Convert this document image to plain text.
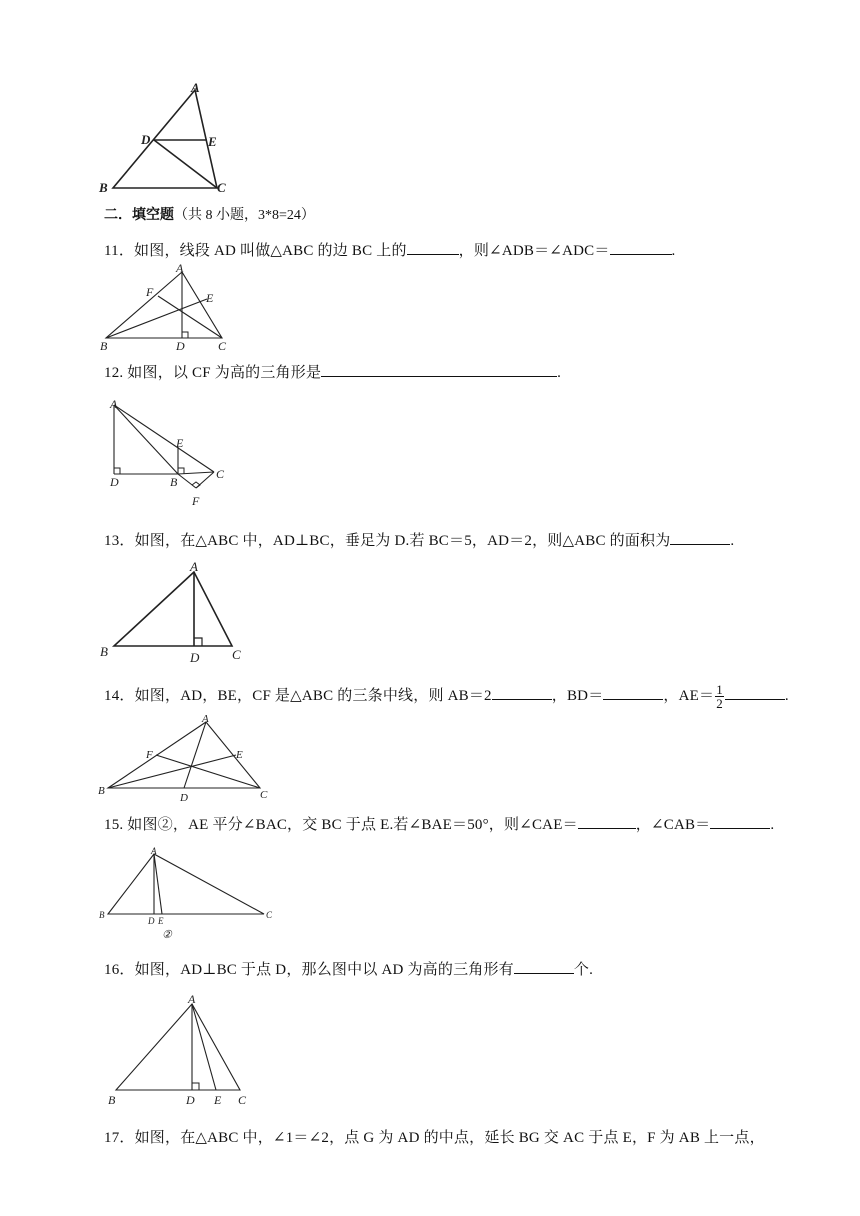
A
D	E
B	C
二．填空题（共 8 小题，3*8=24）
11．如图，线段 AD 叫做△ABC 的边 BC 上的	，则∠ADB＝∠ADC＝	.
A
F	E
B	D	C
12. 如图，以 CF 为高的三角形是	.
A
E
D	B
C
F
13．如图，在△ABC 中，AD⊥BC，垂足为 D.若 BC＝5，AD＝2，则△ABC 的面积为	.
A
B	D	C
14．如图，AD，BE，CF 是△ABC 的三条中线，则 AB＝2	，BD＝	，$AE= \frac{1}{2}$	.
A
F	E
B
D	C
15. 如图②，AE 平分∠BAC，交 BC 于点 E.若∠BAE＝50°，则∠CAE＝	，∠CAB＝	.
A
B
D E
C
②
16．如图，AD⊥BC 于点 D，那么图中以 AD 为高的三角形有	个.
A
B	D E C
17．如图，在△ABC 中，∠1＝∠2，点 G 为 AD 的中点，延长 BG 交 AC 于点 E，F 为 AB 上一点，
